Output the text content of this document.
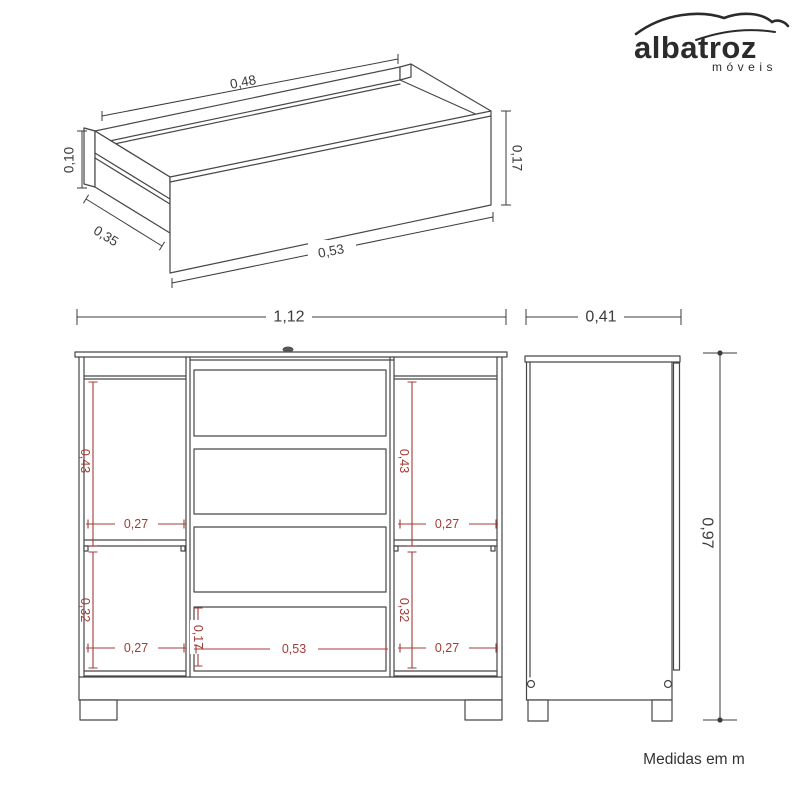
0,48
0,10
0,35
0,53
0,17
albatroz
móveis
1,12
0,43
0,27
0,32
0,27
0,43
0,27
0,32
0,27
0,17	0,53
0,41
0,97
Medidas em m
